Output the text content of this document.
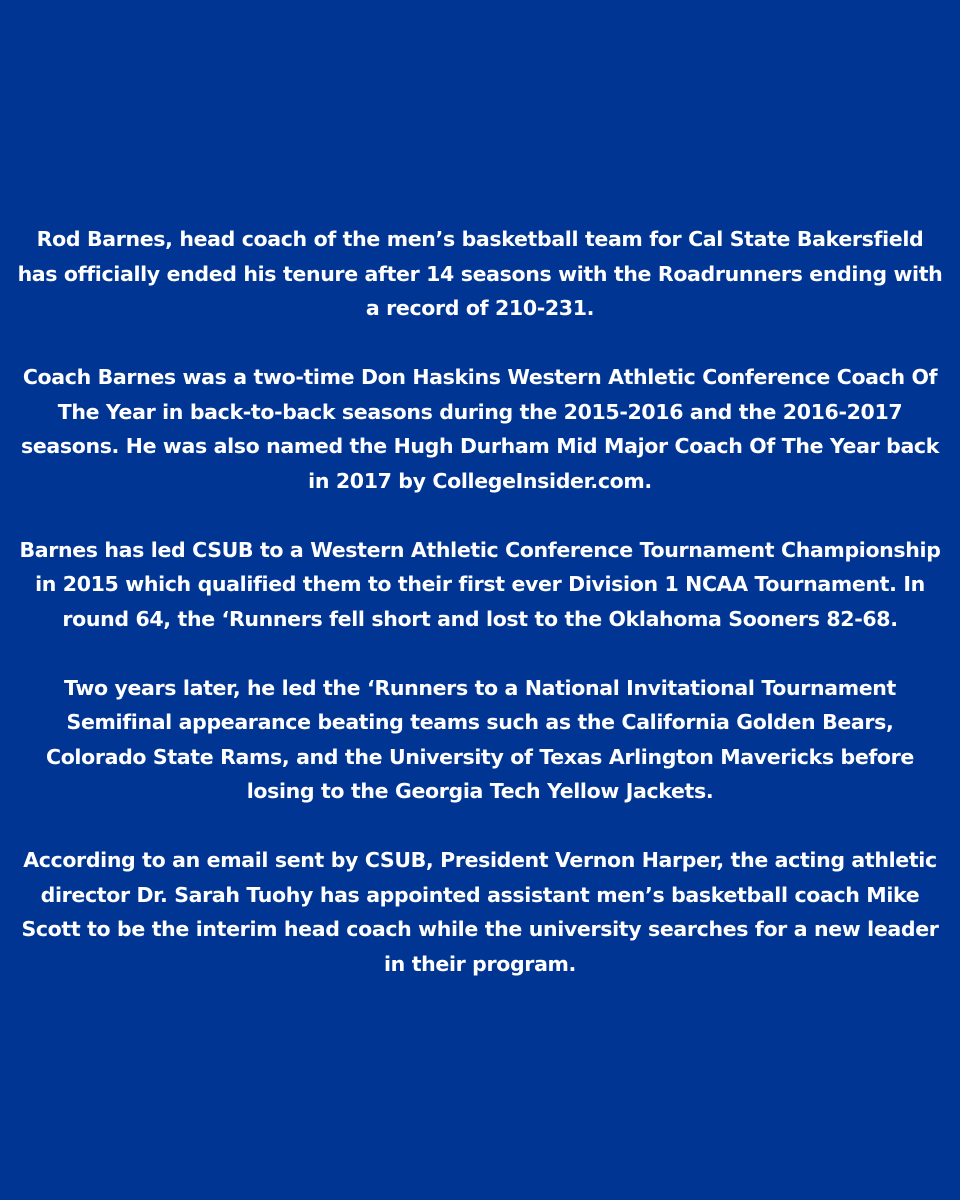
Rod Barnes, head coach of the men’s basketball team for Cal State Bakersfield has officially ended his tenure after 14 seasons with the Roadrunners ending with a record of 210-231.

Coach Barnes was a two-time Don Haskins Western Athletic Conference Coach Of The Year in back-to-back seasons during the 2015-2016 and the 2016-2017 seasons. He was also named the Hugh Durham Mid Major Coach Of The Year back in 2017 by CollegeInsider.com.

Barnes has led CSUB to a Western Athletic Conference Tournament Championship in 2015 which qualified them to their first ever Division 1 NCAA Tournament. In round 64, the ‘Runners fell short and lost to the Oklahoma Sooners 82-68.

Two years later, he led the ‘Runners to a National Invitational Tournament Semifinal appearance beating teams such as the California Golden Bears, Colorado State Rams, and the University of Texas Arlington Mavericks before losing to the Georgia Tech Yellow Jackets.

According to an email sent by CSUB, President Vernon Harper, the acting athletic director Dr. Sarah Tuohy has appointed assistant men’s basketball coach Mike Scott to be the interim head coach while the university searches for a new leader in their program.
